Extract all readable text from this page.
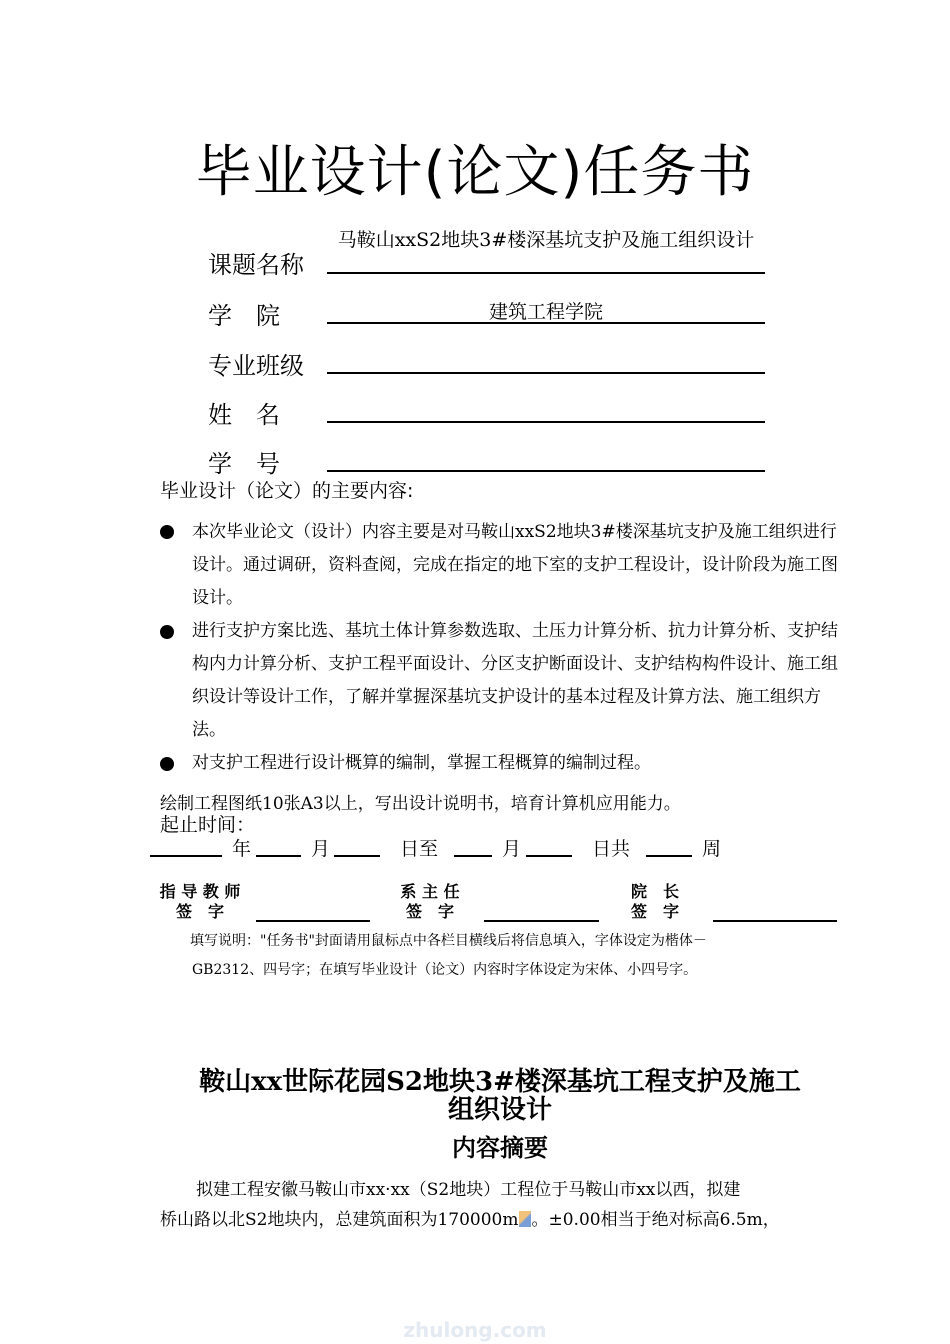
毕业设计(论文)任务书
课题名称
马鞍山xxS2地块3#楼深基坑支护及施工组织设计
学　院	建筑工程学院
专业班级
姓　名
学　号
毕业设计（论文）的主要内容:
本次毕业论文（设计）内容主要是对马鞍山xxS2地块3#楼深基坑支护及施工组织进行设计。通过调研，资料查阅，完成在指定的地下室的支护工程设计，设计阶段为施工图设计。
进行支护方案比选、基坑土体计算参数选取、土压力计算分析、抗力计算分析、支护结构内力计算分析、支护工程平面设计、分区支护断面设计、支护结构构件设计、施工组织设计等设计工作，了解并掌握深基坑支护设计的基本过程及计算方法、施工组织方法。
对支护工程进行设计概算的编制，掌握工程概算的编制过程。
绘制工程图纸10张A3以上，写出设计说明书，培育计算机应用能力。
起止时间：
年	月	日至	月	日共	周
指 导 教 师
签　字
系 主 任
签　字
院　长
签　字
填写说明："任务书"封面请用鼠标点中各栏目横线后将信息填入，字体设定为楷体－
GB2312、四号字；在填写毕业设计（论文）内容时字体设定为宋体、小四号字。
鞍山xx世际花园S2地块3#楼深基坑工程支护及施工
组织设计
内容摘要
拟建工程安徽马鞍山市xx·xx（S2地块）工程位于马鞍山市xx以西，拟建
桥山路以北S2地块内，总建筑面积为170000m 。±0.00相当于绝对标高6.5m，
zhulong.com
